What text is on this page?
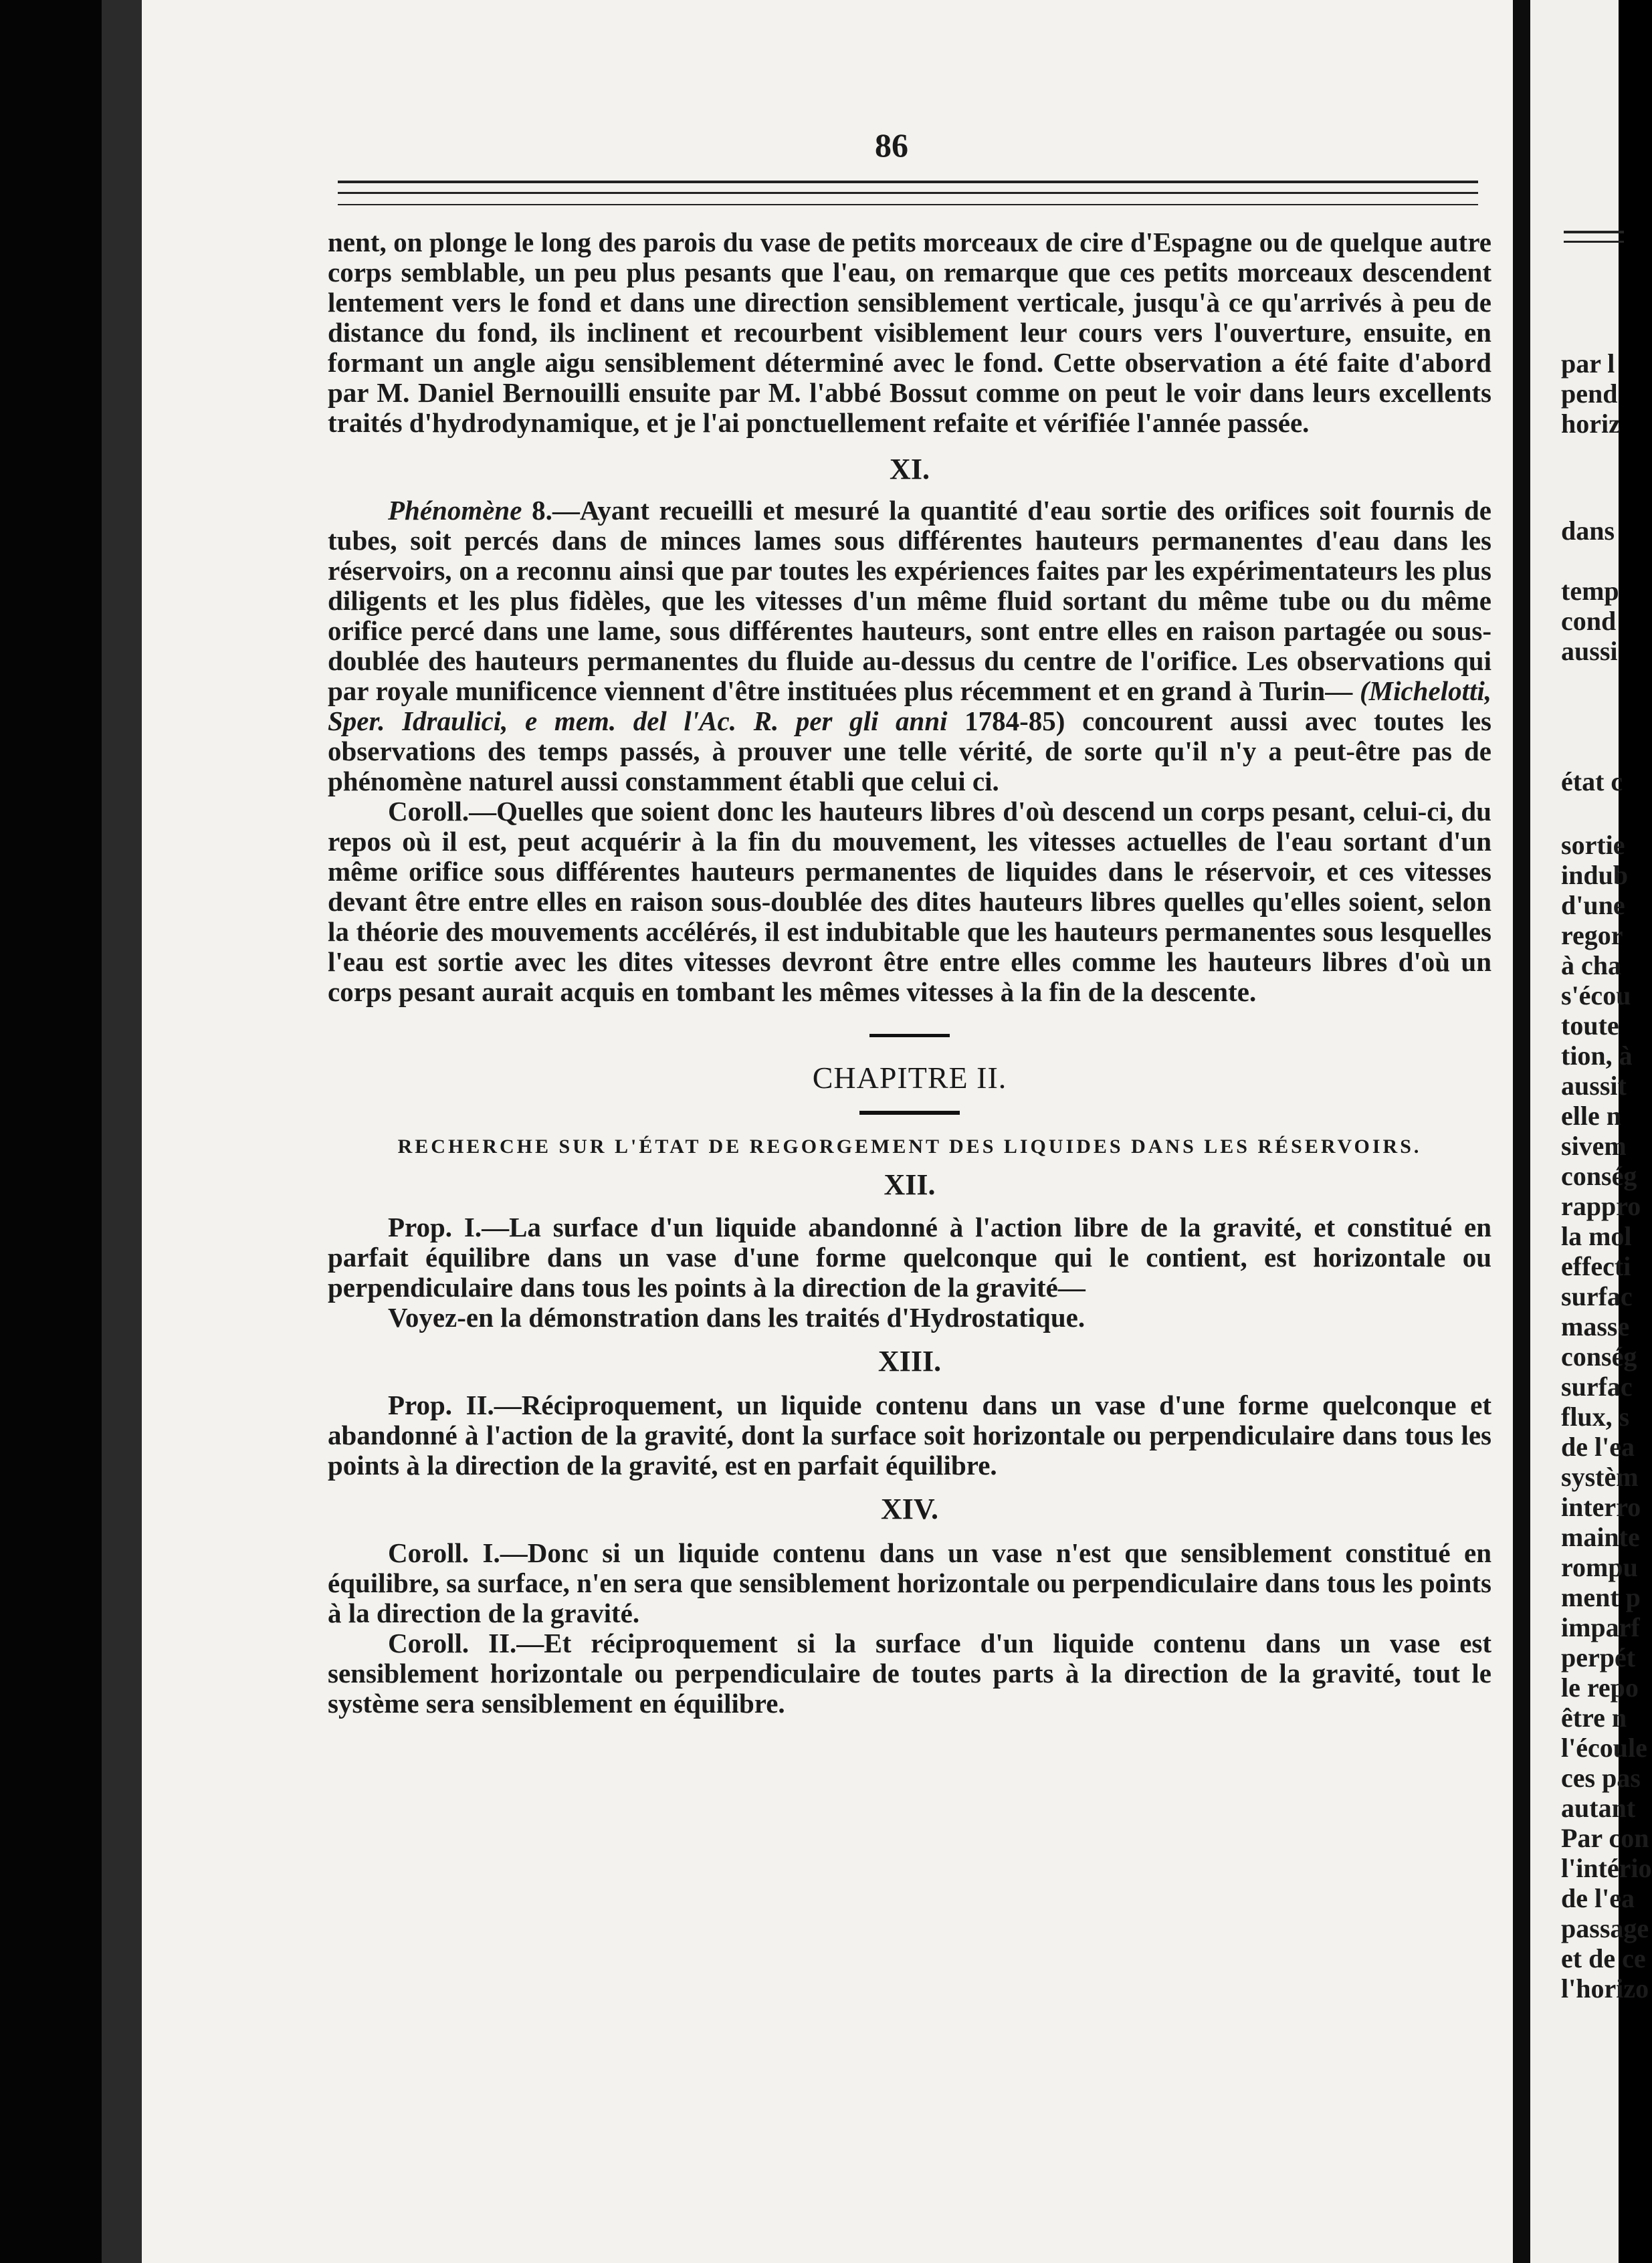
86

nent, on plonge le long des parois du vase de petits morceaux de cire d'Espagne ou de quelque autre corps semblable, un peu plus pesants que l'eau, on remarque que ces petits morceaux descendent lentement vers le fond et dans une direction sensiblement verticale, jusqu'à ce qu'arrivés à peu de distance du fond, ils inclinent et recourbent visiblement leur cours vers l'ouverture, ensuite, en formant un angle aigu sensiblement déterminé avec le fond. Cette observation a été faite d'abord par M. Daniel Bernouilli ensuite par M. l'abbé Bossut comme on peut le voir dans leurs excellents traités d'hydrodynamique, et je l'ai ponctuellement refaite et vérifiée l'année passée.

XI.

Phénomène 8.—Ayant recueilli et mesuré la quantité d'eau sortie des orifices soit fournis de tubes, soit percés dans de minces lames sous différentes hauteurs permanentes d'eau dans les réservoirs, on a reconnu ainsi que par toutes les expériences faites par les expérimentateurs les plus diligents et les plus fidèles, que les vitesses d'un même fluid sortant du même tube ou du même orifice percé dans une lame, sous différentes hauteurs, sont entre elles en raison partagée ou sous-doublée des hauteurs permanentes du fluide au-dessus du centre de l'orifice. Les observations qui par royale munificence viennent d'être instituées plus récemment et en grand à Turin— (Michelotti, Sper. Idraulici, e mem. del l'Ac. R. per gli anni 1784-85) concourent aussi avec toutes les observations des temps passés, à prouver une telle vérité, de sorte qu'il n'y a peut-être pas de phénomène naturel aussi constamment établi que celui ci.

Coroll.—Quelles que soient donc les hauteurs libres d'où descend un corps pesant, celui-ci, du repos où il est, peut acquérir à la fin du mouvement, les vitesses actuelles de l'eau sortant d'un même orifice sous différentes hauteurs permanentes de liquides dans le réservoir, et ces vitesses devant être entre elles en raison sous-doublée des dites hauteurs libres quelles qu'elles soient, selon la théorie des mouvements accélérés, il est indubitable que les hauteurs permanentes sous lesquelles l'eau est sortie avec les dites vitesses devront être entre elles comme les hauteurs libres d'où un corps pesant aurait acquis en tombant les mêmes vitesses à la fin de la descente.

CHAPITRE II.

RECHERCHE SUR L'ÉTAT DE REGORGEMENT DES LIQUIDES DANS LES RÉSERVOIRS.

XII.

Prop. I.—La surface d'un liquide abandonné à l'action libre de la gravité, et constitué en parfait équilibre dans un vase d'une forme quelconque qui le contient, est horizontale ou perpendiculaire dans tous les points à la direction de la gravité—

Voyez-en la démonstration dans les traités d'Hydrostatique.

XIII.

Prop. II.—Réciproquement, un liquide contenu dans un vase d'une forme quelconque et abandonné à l'action de la gravité, dont la surface soit horizontale ou perpendiculaire dans tous les points à la direction de la gravité, est en parfait équilibre.

XIV.

Coroll. I.—Donc si un liquide contenu dans un vase n'est que sensiblement constitué en équilibre, sa surface, n'en sera que sensiblement horizontale ou perpendiculaire dans tous les points à la direction de la gravité.

Coroll. II.—Et réciproquement si la surface d'un liquide contenu dans un vase est sensiblement horizontale ou perpendiculaire de toutes parts à la direction de la gravité, tout le système sera sensiblement en équilibre.

par l
pend
horiz
dans
temp
cond
aussi
état c
sortie
indub
d'une
regor
à cha
s'écou
toute
tion, à
aussit
elle n
sivem
conség
rappro
la mol
effecti
surfac
masse
conség
surfac
flux, s
de l'ea
systèm
interro
mainte
rompu
ment p
imparf
perpét
le repo
être n
l'écoule
ces pas
autant
Par con
l'intério
de l'ea
passage
et de ce
l'horizo
